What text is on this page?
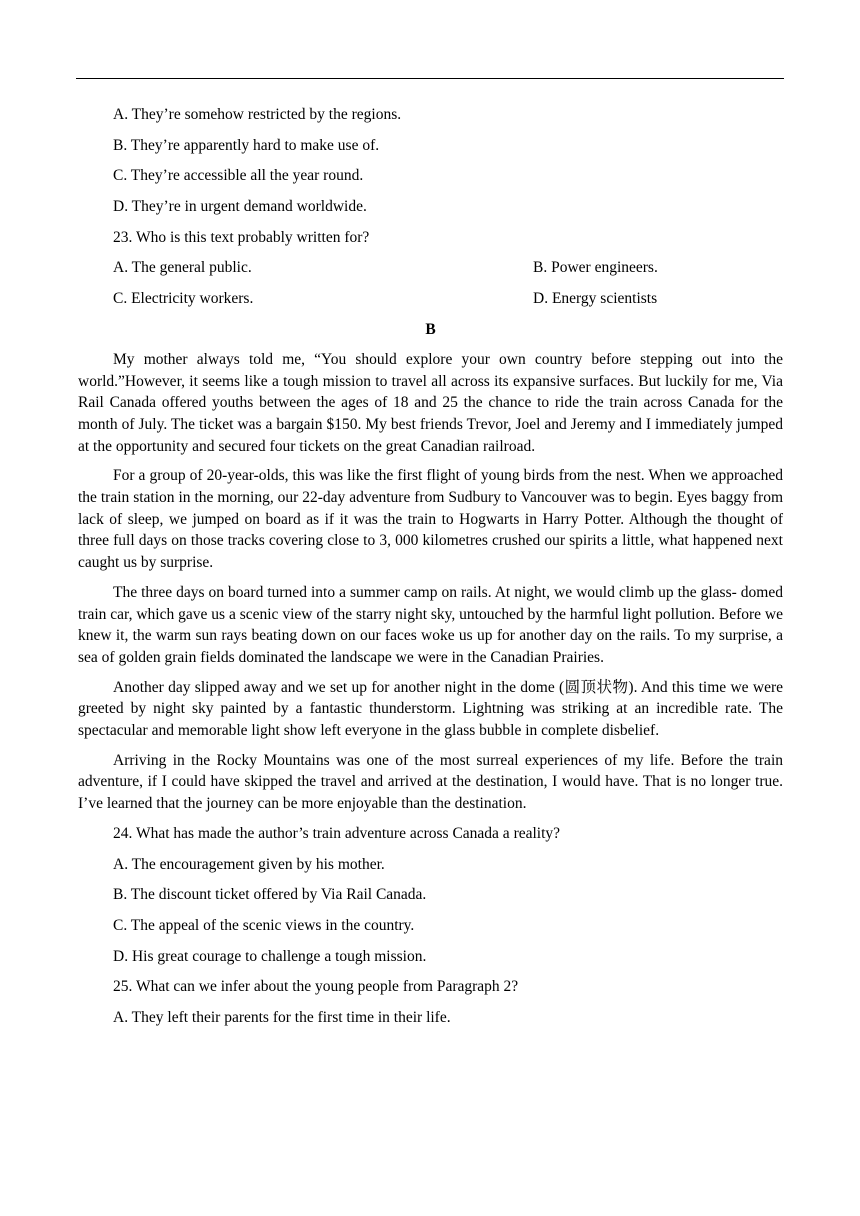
A. They’re somehow restricted by the regions.
B. They’re apparently hard to make use of.
C. They’re accessible all the year round.
D. They’re in urgent demand worldwide.
23. Who is this text probably written for?
A. The general public.	B. Power engineers.
C. Electricity workers.	D. Energy scientists
B

My mother always told me, “You should explore your own country before stepping out into the world.”However, it seems like a tough mission to travel all across its expansive surfaces. But luckily for me, Via Rail Canada offered youths between the ages of 18 and 25 the chance to ride the train across Canada for the month of July. The ticket was a bargain $150. My best friends Trevor, Joel and Jeremy and I immediately jumped at the opportunity and secured four tickets on the great Canadian railroad.

For a group of 20-year-olds, this was like the first flight of young birds from the nest. When we approached the train station in the morning, our 22-day adventure from Sudbury to Vancouver was to begin. Eyes baggy from lack of sleep, we jumped on board as if it was the train to Hogwarts in Harry Potter. Although the thought of three full days on those tracks covering close to 3, 000 kilometres crushed our spirits a little, what happened next caught us by surprise.

The three days on board turned into a summer camp on rails. At night, we would climb up the glass- domed train car, which gave us a scenic view of the starry night sky, untouched by the harmful light pollution. Before we knew it, the warm sun rays beating down on our faces woke us up for another day on the rails. To my surprise, a sea of golden grain fields dominated the landscape we were in the Canadian Prairies.

Another day slipped away and we set up for another night in the dome (圆顶状物). And this time we were greeted by night sky painted by a fantastic thunderstorm. Lightning was striking at an incredible rate. The spectacular and memorable light show left everyone in the glass bubble in complete disbelief.

Arriving in the Rocky Mountains was one of the most surreal experiences of my life. Before the train adventure, if I could have skipped the travel and arrived at the destination, I would have. That is no longer true. I’ve learned that the journey can be more enjoyable than the destination.

24. What has made the author’s train adventure across Canada a reality?
A. The encouragement given by his mother.
B. The discount ticket offered by Via Rail Canada.
C. The appeal of the scenic views in the country.
D. His great courage to challenge a tough mission.
25. What can we infer about the young people from Paragraph 2?
A. They left their parents for the first time in their life.
